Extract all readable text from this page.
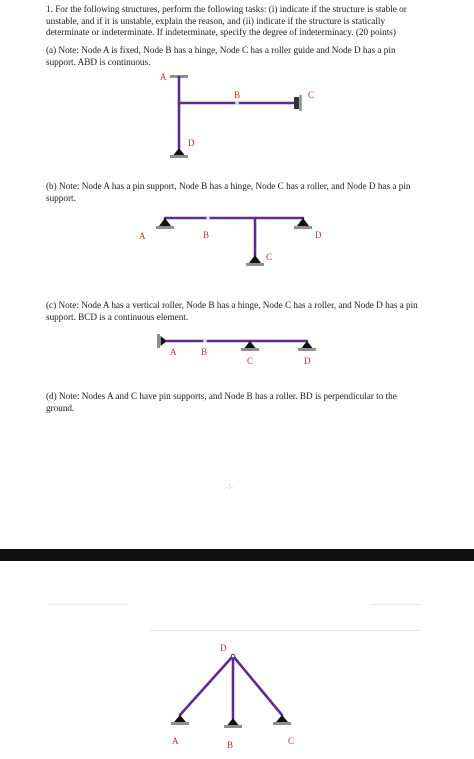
1. For the following structures, perform the following tasks: (i) indicate if the structure is stable or unstable, and if it is unstable, explain the reason, and (ii) indicate if the structure is statically determinate or indeterminate. If indeterminate, specify the degree of indeterminacy. (20 points)

(a) Note: Node A is fixed, Node B has a hinge, Node C has a roller guide and Node D has a pin support. ABD is continuous.

A
B	C
D

(b) Note: Node A has a pin support, Node B has a hinge, Node C has a roller, and Node D has a pin support.

A	B
C
D

(c) Note: Node A has a vertical roller, Node B has a hinge, Node C has a roller, and Node D has a pin support. BCD is a continuous element.

A	B
C	D

(d) Note: Nodes A and C have pin supports, and Node B has a roller. BD is perpendicular to the ground.

-1-
D
A	B	C
